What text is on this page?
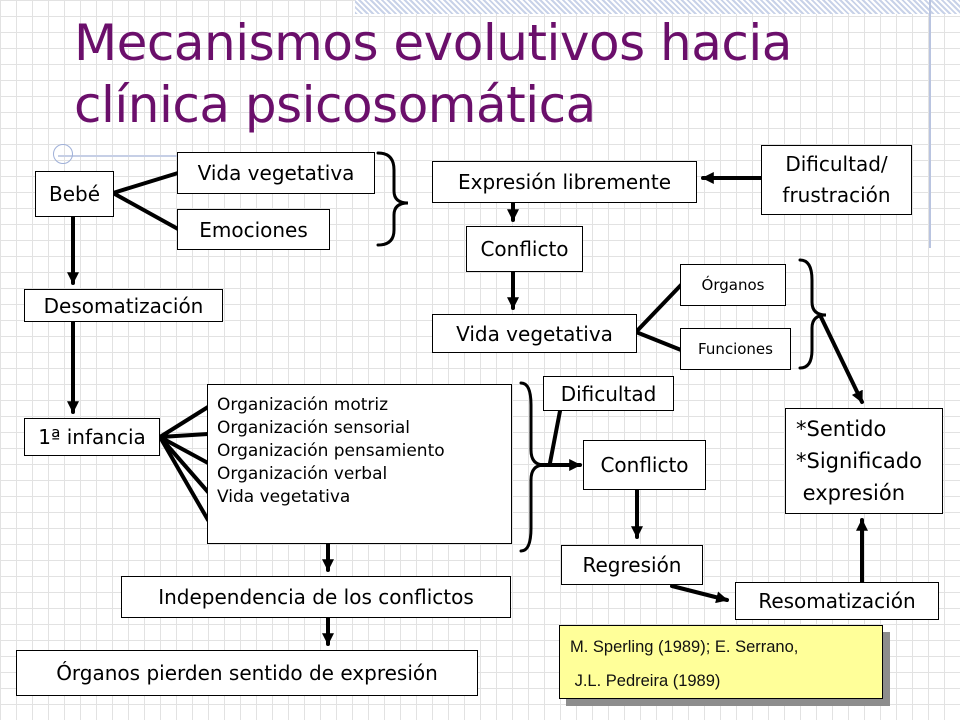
Mecanismos evolutivos hacia clínica psicosomática
Bebé
Vida vegetativa
Emociones
Expresión libremente
Dificultad/
frustración
Conflicto
Órganos
Funciones
Vida vegetativa
Desomatización
1ª infancia
Organización motriz
Organización sensorial
Organización pensamiento
Organización verbal
Vida vegetativa
Dificultad
Conflicto
*Sentido
*Significado
expresión
Regresión
Resomatización
Independencia de los conflictos
Órganos pierden sentido de expresión
M. Sperling (1989); E. Serrano,
J.L. Pedreira (1989)
